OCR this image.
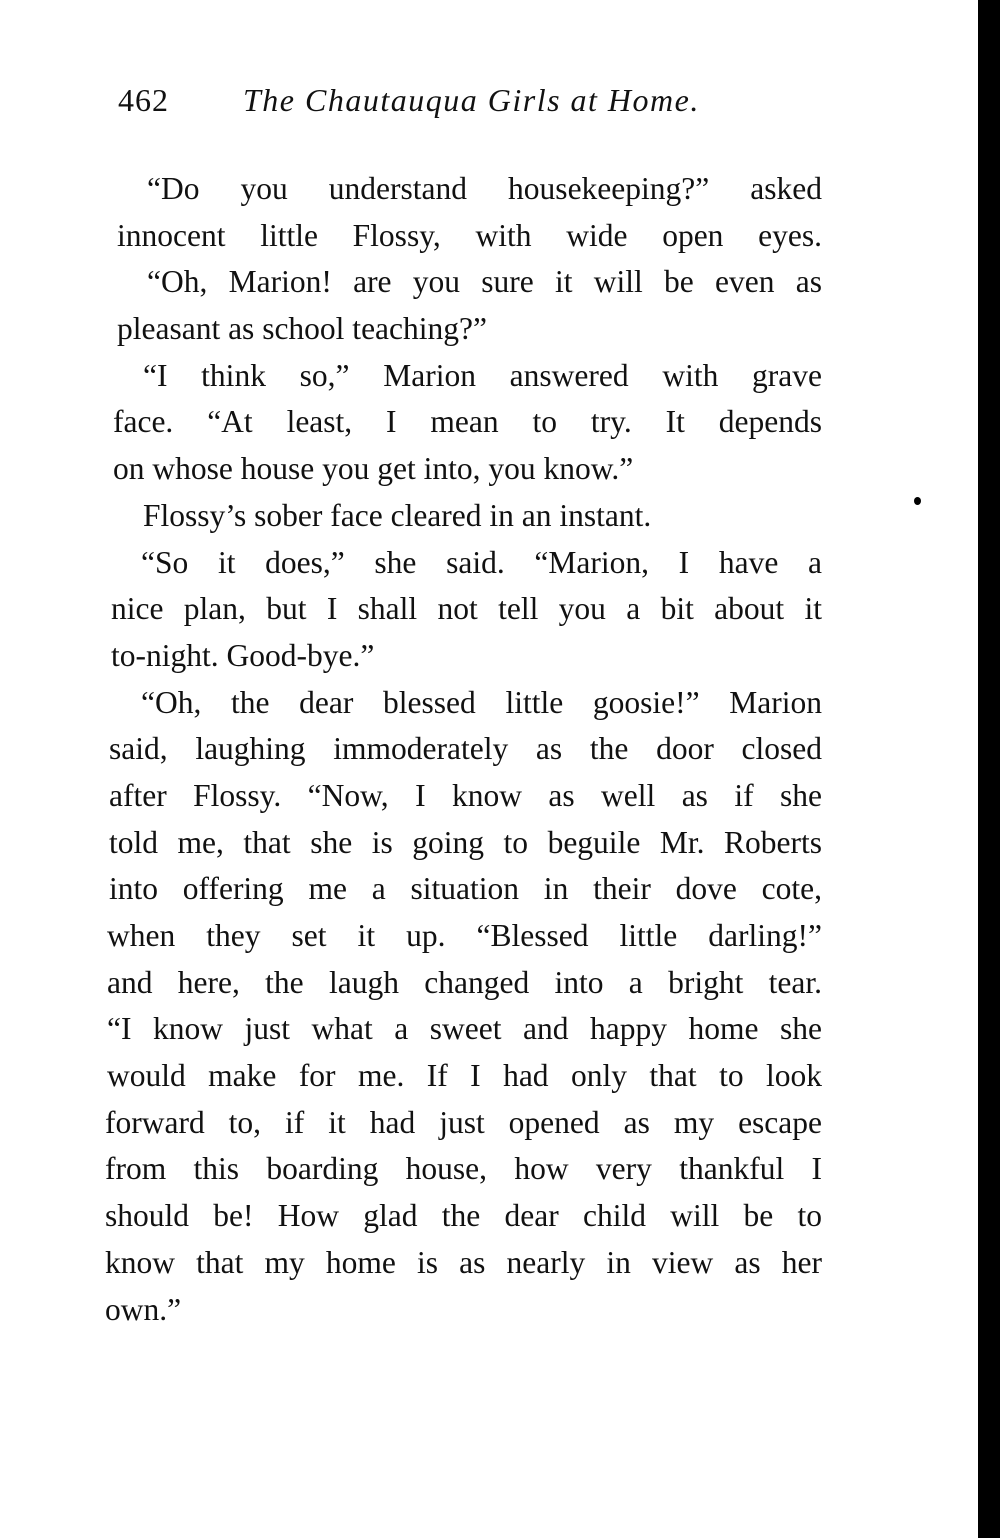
462 The Chautauqua Girls at Home.
“Do you understand housekeeping?” asked
innocent little Flossy, with wide open eyes.
“Oh, Marion! are you sure it will be even as
pleasant as school teaching?”
“I think so,” Marion answered with grave
face. “At least, I mean to try. It depends
on whose house you get into, you know.”
Flossy’s sober face cleared in an instant.
“So it does,” she said. “Marion, I have a
nice plan, but I shall not tell you a bit about it
to-night. Good-bye.”
“Oh, the dear blessed little goosie!” Marion
said, laughing immoderately as the door closed
after Flossy. “Now, I know as well as if she
told me, that she is going to beguile Mr. Roberts
into offering me a situation in their dove cote,
when they set it up. “Blessed little darling!”
and here, the laugh changed into a bright tear.
“I know just what a sweet and happy home she
would make for me. If I had only that to look
forward to, if it had just opened as my escape
from this boarding house, how very thankful I
should be! How glad the dear child will be to
know that my home is as nearly in view as her
own.”
